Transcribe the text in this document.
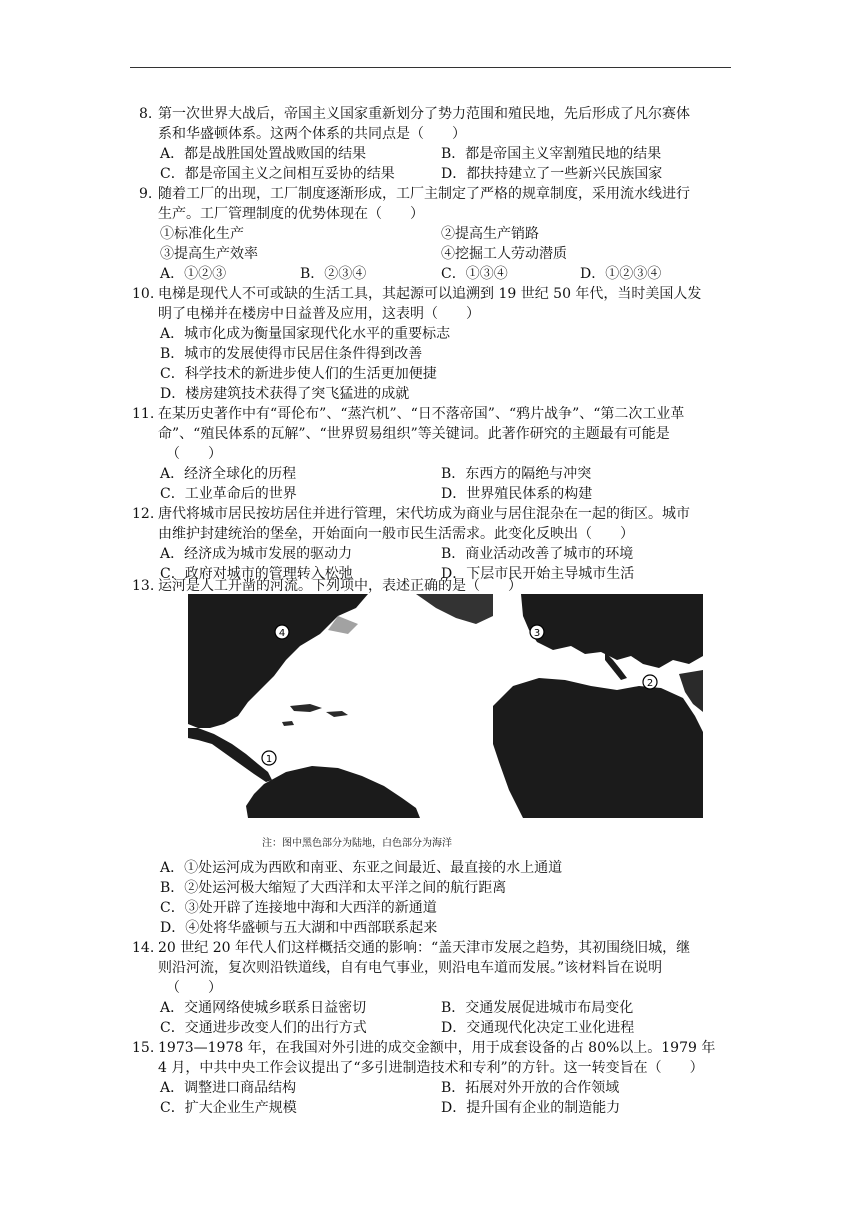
8. 第一次世界大战后，帝国主义国家重新划分了势力范围和殖民地，先后形成了凡尔赛体
系和华盛顿体系。这两个体系的共同点是（　　）
A．都是战胜国处置战败国的结果	B．都是帝国主义宰割殖民地的结果
C．都是帝国主义之间相互妥协的结果	D．都扶持建立了一些新兴民族国家
9. 随着工厂的出现，工厂制度逐渐形成，工厂主制定了严格的规章制度，采用流水线进行
生产。工厂管理制度的优势体现在（　　）
①标准化生产	②提高生产销路
③提高生产效率	④挖掘工人劳动潜质
A．①②③	B．②③④	C．①③④	D．①②③④
10. 电梯是现代人不可或缺的生活工具，其起源可以追溯到 19 世纪 50 年代，当时美国人发
明了电梯并在楼房中日益普及应用，这表明（　　）
A．城市化成为衡量国家现代化水平的重要标志
B．城市的发展使得市民居住条件得到改善
C．科学技术的新进步使人们的生活更加便捷
D．楼房建筑技术获得了突飞猛进的成就
11. 在某历史著作中有“哥伦布”、“蒸汽机”、“日不落帝国”、“鸦片战争”、“第二次工业革
命”、“殖民体系的瓦解”、“世界贸易组织”等关键词。此著作研究的主题最有可能是
（　　）
A．经济全球化的历程	B．东西方的隔绝与冲突
C．工业革命后的世界	D．世界殖民体系的构建
12. 唐代将城市居民按坊居住并进行管理，宋代坊成为商业与居住混杂在一起的街区。城市
由维护封建统治的堡垒，开始面向一般市民生活需求。此变化反映出（　　）
A．经济成为城市发展的驱动力	B．商业活动改善了城市的环境
C．政府对城市的管理转入松弛	D．下层市民开始主导城市生活
13. 运河是人工开凿的河流。下列项中，表述正确的是（　　）
4
1
3
2
注：图中黑色部分为陆地，白色部分为海洋
A．①处运河成为西欧和南亚、东亚之间最近、最直接的水上通道
B．②处运河极大缩短了大西洋和太平洋之间的航行距离
C．③处开辟了连接地中海和大西洋的新通道
D．④处将华盛顿与五大湖和中西部联系起来
14. 20 世纪 20 年代人们这样概括交通的影响：“盖天津市发展之趋势，其初围绕旧城，继
则沿河流，复次则沿铁道线，自有电气事业，则沿电车道而发展。”该材料旨在说明
（　　）
A．交通网络使城乡联系日益密切	B．交通发展促进城市布局变化
C．交通进步改变人们的出行方式	D．交通现代化决定工业化进程
15. 1973—1978 年，在我国对外引进的成交金额中，用于成套设备的占 80%以上。1979 年
4 月，中共中央工作会议提出了“多引进制造技术和专利”的方针。这一转变旨在（　　）
A．调整进口商品结构	B．拓展对外开放的合作领域
C．扩大企业生产规模	D．提升国有企业的制造能力
